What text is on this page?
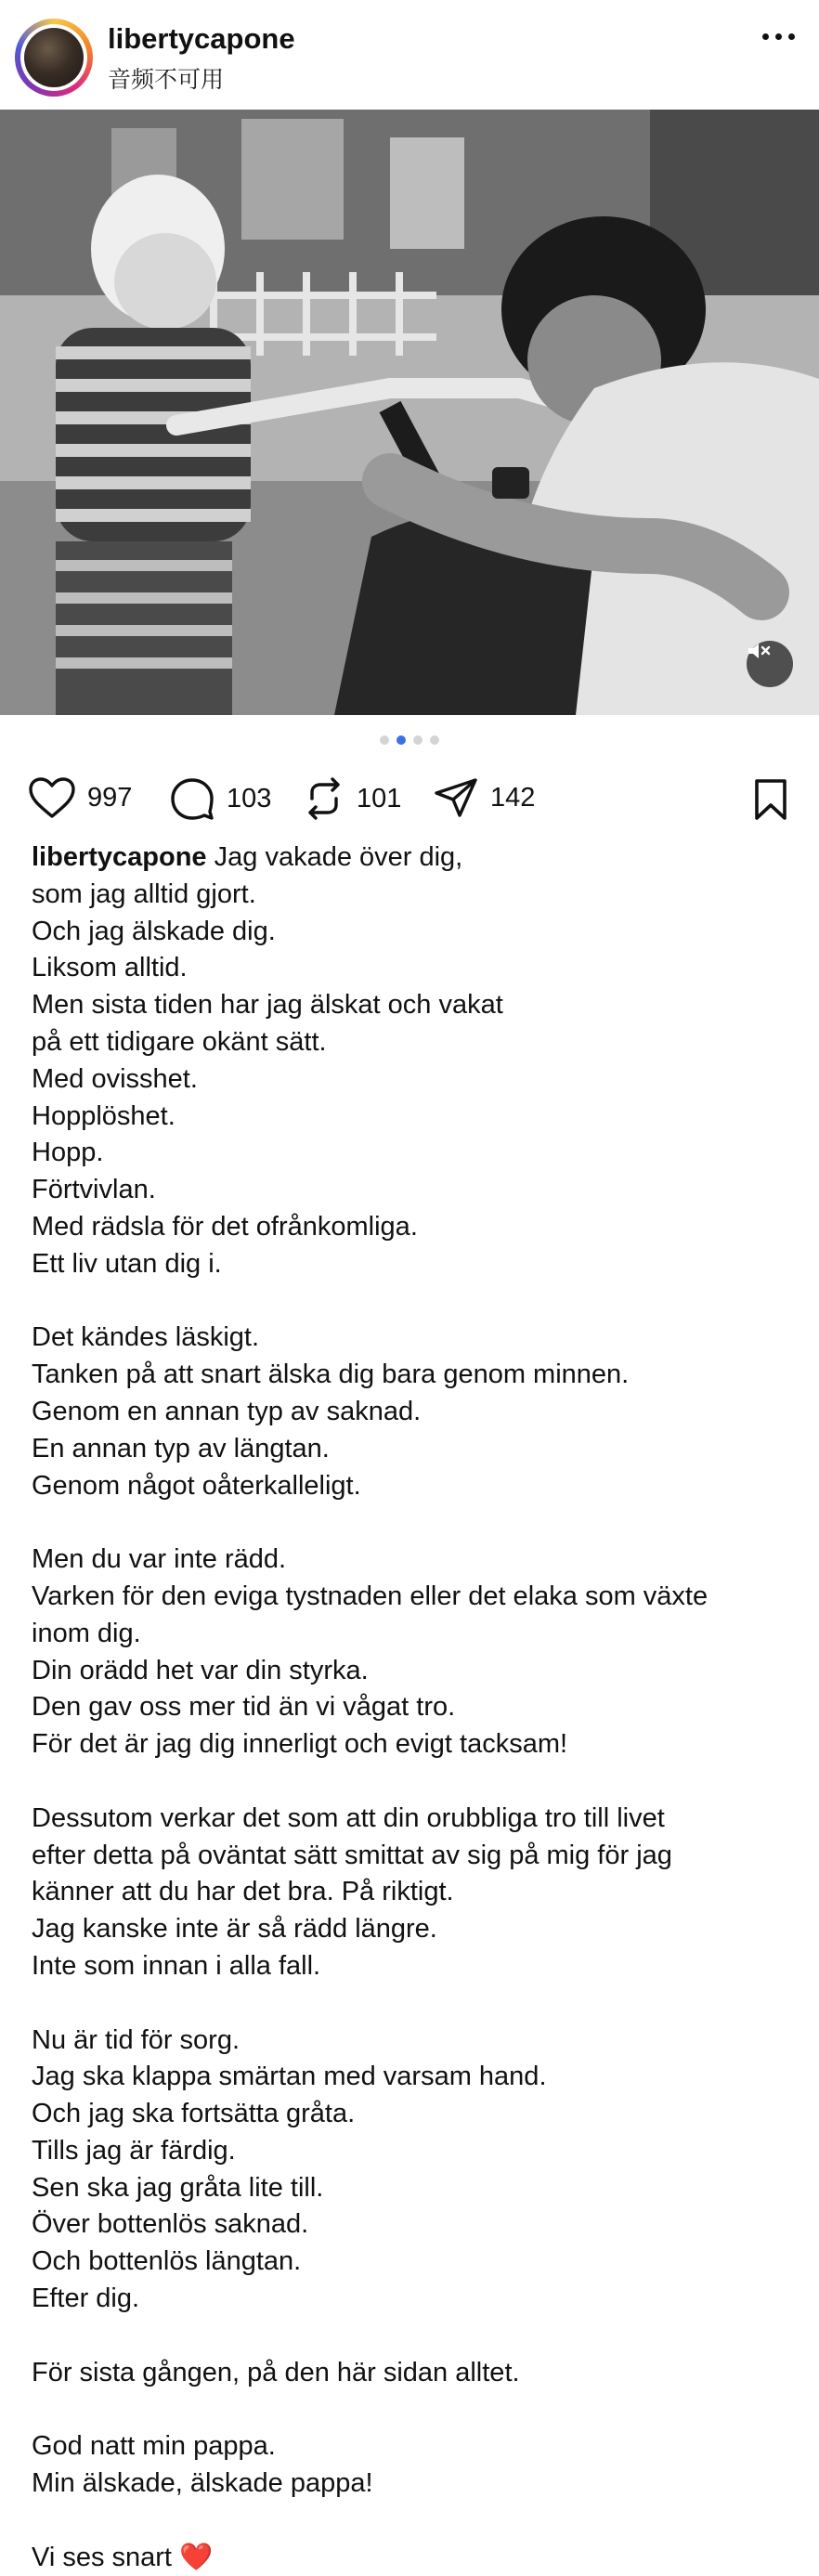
libertycapone
音频不可用
997	103	101	142
libertycapone Jag vakade över dig,
som jag alltid gjort.
Och jag älskade dig.
Liksom alltid.
Men sista tiden har jag älskat och vakat
på ett tidigare okänt sätt.
Med ovisshet.
Hopplöshet.
Hopp.
Förtvivlan.
Med rädsla för det ofrånkomliga.
Ett liv utan dig i.
Det kändes läskigt.
Tanken på att snart älska dig bara genom minnen.
Genom en annan typ av saknad.
En annan typ av längtan.
Genom något oåterkalleligt.
Men du var inte rädd.
Varken för den eviga tystnaden eller det elaka som växte
inom dig.
Din orädd het var din styrka.
Den gav oss mer tid än vi vågat tro.
För det är jag dig innerligt och evigt tacksam!
Dessutom verkar det som att din orubbliga tro till livet
efter detta på oväntat sätt smittat av sig på mig för jag
känner att du har det bra. På riktigt.
Jag kanske inte är så rädd längre.
Inte som innan i alla fall.
Nu är tid för sorg.
Jag ska klappa smärtan med varsam hand.
Och jag ska fortsätta gråta.
Tills jag är färdig.
Sen ska jag gråta lite till.
Över bottenlös saknad.
Och bottenlös längtan.
Efter dig.
För sista gången, på den här sidan alltet.
God natt min pappa.
Min älskade, älskade pappa!
Vi ses snart ❤️
